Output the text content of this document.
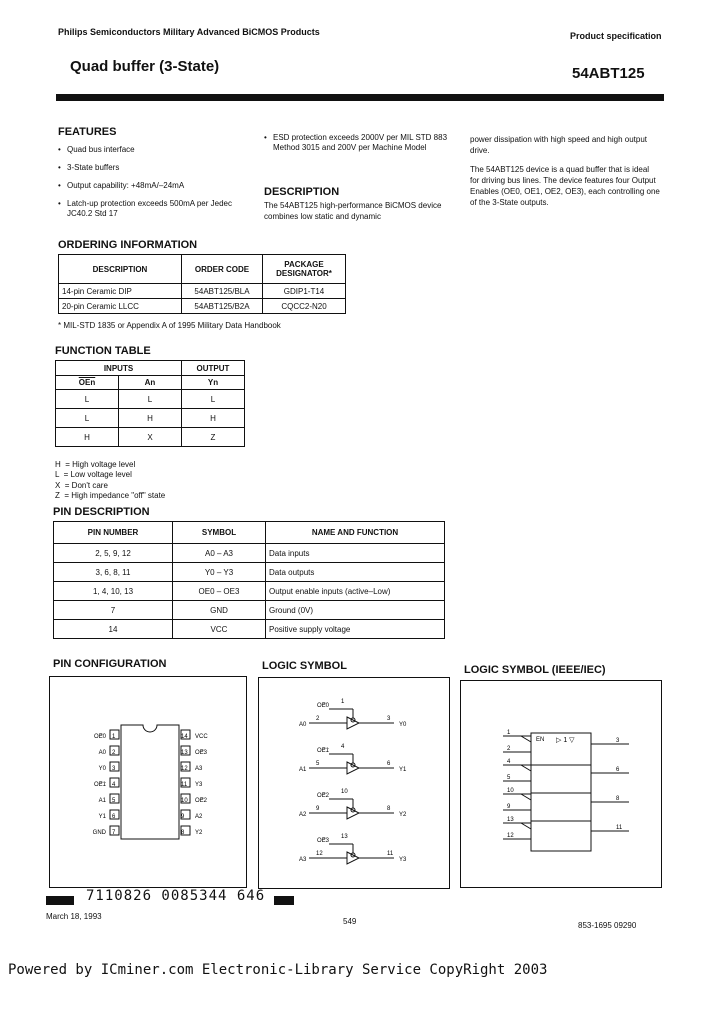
Philips Semiconductors Military Advanced BiCMOS Products	Product specification
Quad buffer (3-State)	54ABT125
FEATURES
• Quad bus interface
• 3-State buffers
• Output capability: +48mA/–24mA
• Latch-up protection exceeds 500mA per Jedec JC40.2 Std 17
• ESD protection exceeds 2000V per MIL STD 883 Method 3015 and 200V per Machine Model
DESCRIPTION
The 54ABT125 high-performance BiCMOS device combines low static and dynamic
power dissipation with high speed and high output drive.
The 54ABT125 device is a quad buffer that is ideal for driving bus lines. The device features four Output Enables (OE0, OE1, OE2, OE3), each controlling one of the 3-State outputs.
ORDERING INFORMATION
DESCRIPTION	ORDER CODE	PACKAGE DESIGNATOR*
14-pin Ceramic DIP	54ABT125/BLA	GDIP1-T14
20-pin Ceramic LLCC	54ABT125/B2A	CQCC2-N20
* MIL-STD 1835 or Appendix A of 1995 Military Data Handbook
FUNCTION TABLE
INPUTS		OUTPUT
$\overline{OEn}$	An	Yn
L	L	L
L	H	H
H	X	Z

H  = High voltage level
L  = Low voltage level
X  = Don't care
Z  = High impedance "off" state

PIN DESCRIPTION
PIN NUMBER	SYMBOL	NAME AND FUNCTION
2, 5, 9, 12	A0 – A3	Data inputs
3, 6, 8, 11	Y0 – Y3	Data outputs
1, 4, 10, 13	OE0 – OE3	Output enable inputs (active–Low)
7	GND	Ground (0V)
14	VCC	Positive supply voltage
PIN CONFIGURATION	LOGIC SYMBOL	LOGIC SYMBOL (IEEE/IEC)
1
OE0
2
A0
3
Y0
4
OE1
5
A1
6
Y1
7
GND
14 VCC
13 OE3
12 A3
11 Y3
10 OE2
9 A2
8 Y2
OE0
1
A0
2	3
Y0
OE1
4
A1
5	6
Y1
OE2
10
A2
9	8
Y2
OE3
13
A3
12	11
Y3
EN ▷ 1 ▽
1
2
3
4
5
6
10
9
8
13
12
11
7110826 0085344 646
March 18, 1993
549	853-1695 09290
Powered by ICminer.com Electronic-Library Service CopyRight 2003
